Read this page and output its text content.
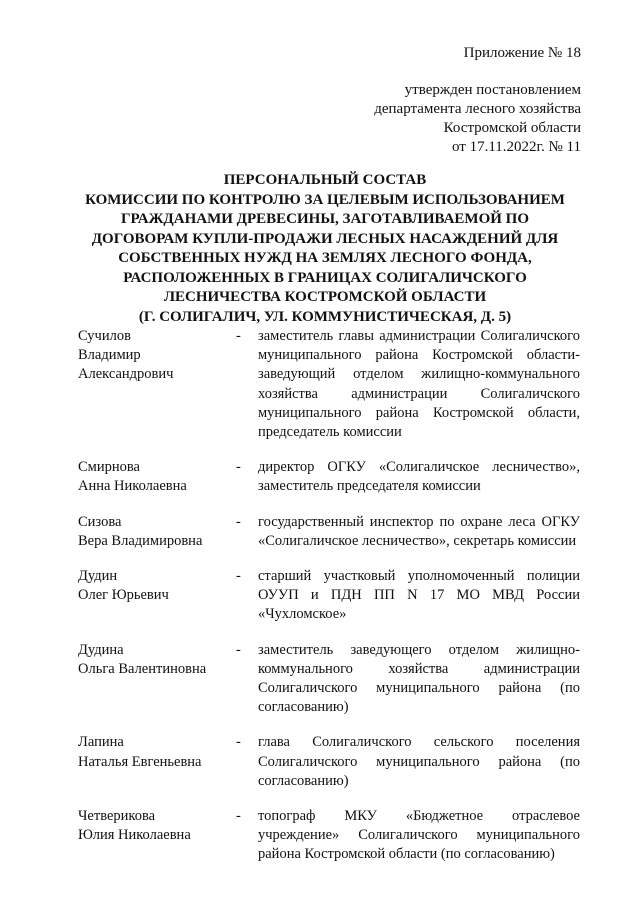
Приложение № 18
утвержден постановлением
департамента лесного хозяйства
Костромской области
от 17.11.2022г. № 11
ПЕРСОНАЛЬНЫЙ СОСТАВ
КОМИССИИ ПО КОНТРОЛЮ ЗА ЦЕЛЕВЫМ ИСПОЛЬЗОВАНИЕМ
ГРАЖДАНАМИ ДРЕВЕСИНЫ, ЗАГОТАВЛИВАЕМОЙ ПО
ДОГОВОРАМ КУПЛИ-ПРОДАЖИ ЛЕСНЫХ НАСАЖДЕНИЙ ДЛЯ
СОБСТВЕННЫХ НУЖД НА ЗЕМЛЯХ ЛЕСНОГО ФОНДА,
РАСПОЛОЖЕННЫХ В ГРАНИЦАХ СОЛИГАЛИЧСКОГО
ЛЕСНИЧЕСТВА КОСТРОМСКОЙ ОБЛАСТИ
(Г. СОЛИГАЛИЧ, УЛ. КОММУНИСТИЧЕСКАЯ, Д. 5)
Сучилов
Владимир
Александрович
-	заместитель главы администрации Солигаличского муниципального района Костромской области-заведующий отделом жилищно-коммунального хозяйства администрации Солигаличского муниципального района Костромской области, председатель комиссии
Смирнова
Анна Николаевна
-	директор ОГКУ «Солигаличское лесничество», заместитель председателя комиссии
Сизова
Вера Владимировна
-	государственный инспектор по охране леса ОГКУ «Солигаличское лесничество», секретарь комиссии
Дудин
Олег Юрьевич
-	старший участковый уполномоченный полиции ОУУП и ПДН ПП N 17 МО МВД России «Чухломское»
Дудина
Ольга Валентиновна
-	заместитель заведующего отделом жилищно-коммунального хозяйства администрации Солигаличского муниципального района (по согласованию)
Лапина
Наталья Евгеньевна
-	глава Солигаличского сельского поселения Солигаличского муниципального района (по согласованию)
Четверикова
Юлия Николаевна
-	топограф МКУ «Бюджетное отраслевое учреждение» Солигаличского муниципального района Костромской области (по согласованию)
